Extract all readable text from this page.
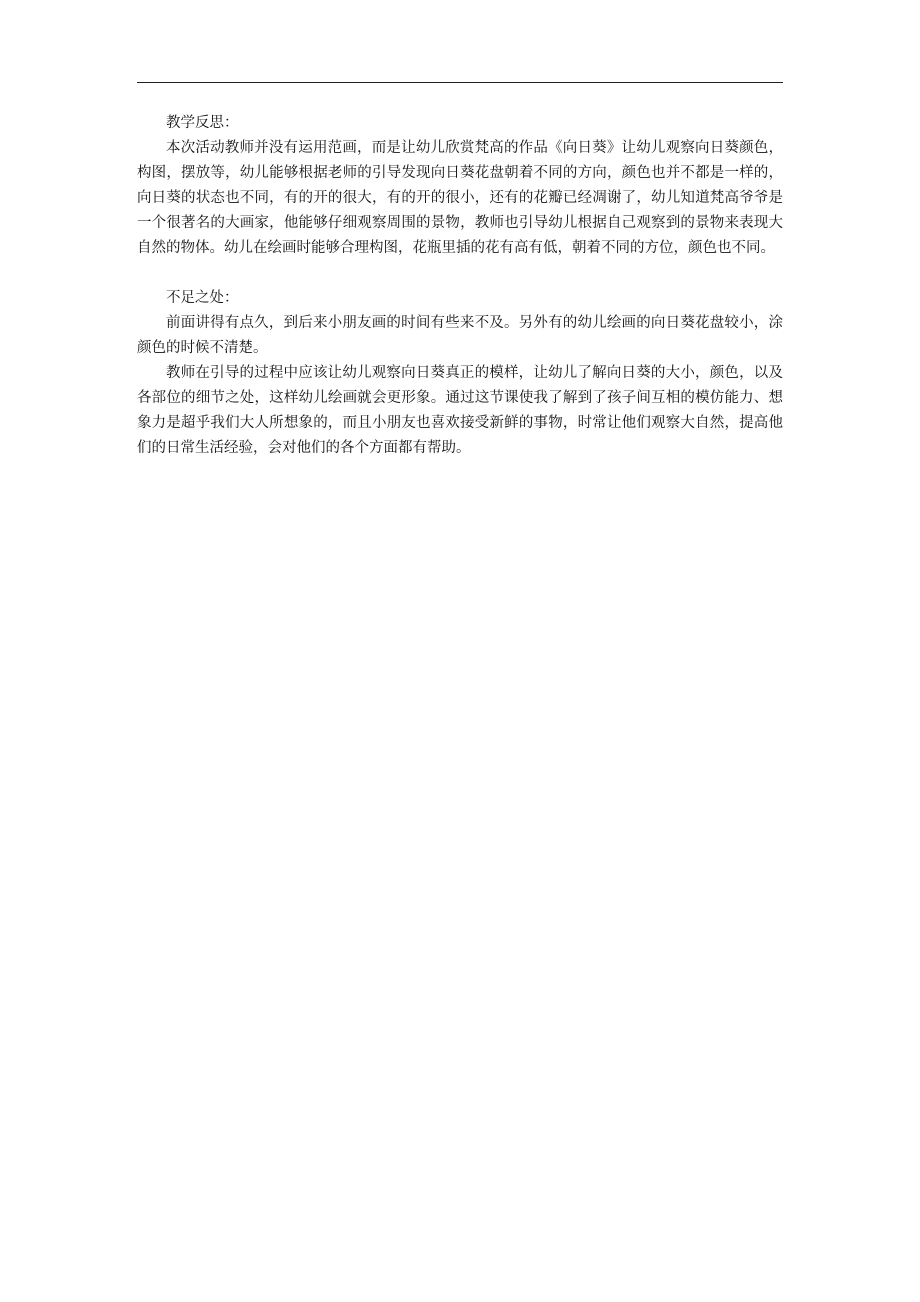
教学反思：

本次活动教师并没有运用范画，而是让幼儿欣赏梵高的作品《向日葵》让幼儿观察向日葵颜色，构图，摆放等，幼儿能够根据老师的引导发现向日葵花盘朝着不同的方向，颜色也并不都是一样的，向日葵的状态也不同，有的开的很大，有的开的很小，还有的花瓣已经凋谢了，幼儿知道梵高爷爷是一个很著名的大画家，他能够仔细观察周围的景物，教师也引导幼儿根据自己观察到的景物来表现大自然的物体。幼儿在绘画时能够合理构图，花瓶里插的花有高有低，朝着不同的方位，颜色也不同。

不足之处：

前面讲得有点久，到后来小朋友画的时间有些来不及。另外有的幼儿绘画的向日葵花盘较小，涂颜色的时候不清楚。

教师在引导的过程中应该让幼儿观察向日葵真正的模样，让幼儿了解向日葵的大小，颜色，以及各部位的细节之处，这样幼儿绘画就会更形象。通过这节课使我了解到了孩子间互相的模仿能力、想象力是超乎我们大人所想象的，而且小朋友也喜欢接受新鲜的事物，时常让他们观察大自然，提高他们的日常生活经验，会对他们的各个方面都有帮助。
